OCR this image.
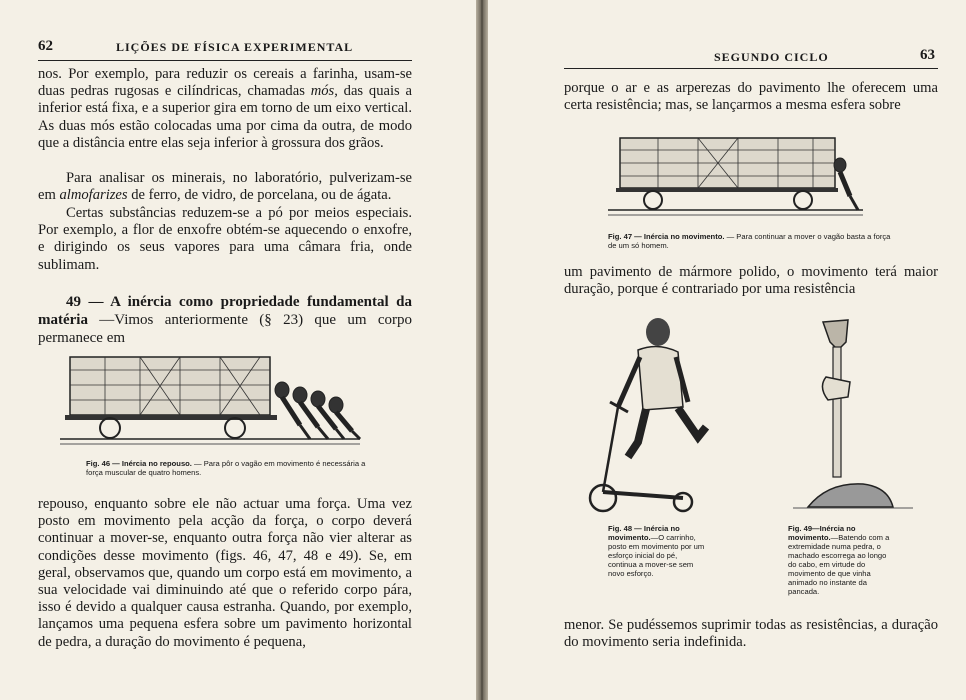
62	LIÇÕES DE FÍSICA EXPERIMENTAL

nos. Por exemplo, para reduzir os cereais a farinha, usam-se duas pedras rugosas e cilíndricas, chamadas mós, das quais a inferior está fixa, e a superior gira em torno de um eixo vertical. As duas mós estão colocadas uma por cima da outra, de modo que a distância entre elas seja inferior à grossura dos grãos.

Para analisar os minerais, no laboratório, pulverizam-se em almofarizes de ferro, de vidro, de porcelana, ou de ágata.

Certas substâncias reduzem-se a pó por meios especiais. Por exemplo, a flor de enxofre obtém-se aquecendo o enxofre, e dirigindo os seus vapores para uma câmara fria, onde sublimam.

49 — A inércia como propriedade fundamental da matéria —Vimos anteriormente (§ 23) que um corpo permanece em

Fig. 46 — Inércia no repouso. — Para pôr o vagão em movimento é necessária a força muscular de quatro homens.

repouso, enquanto sobre ele não actuar uma força. Uma vez posto em movimento pela acção da força, o corpo deverá continuar a mover-se, enquanto outra força não vier alterar as condições desse movimento (figs. 46, 47, 48 e 49). Se, em geral, observamos que, quando um corpo está em movimento, a sua velocidade vai diminuindo até que o referido corpo pára, isso é devido a qualquer causa estranha. Quando, por exemplo, lançamos uma pequena esfera sobre um pavimento horizontal de pedra, a duração do movimento é pequena,

SEGUNDO CICLO	63

porque o ar e as arperezas do pavimento lhe oferecem uma certa resistência; mas, se lançarmos a mesma esfera sobre

Fig. 47 — Inércia no movimento. — Para continuar a mover o vagão basta a força de um só homem.

um pavimento de mármore polido, o movimento terá maior duração, porque é contrariado por uma resistência

Fig. 48 — Inércia no movimento.—O carrinho, posto em movimento por um esforço inicial do pé, continua a mover-se sem novo esforço.
Fig. 49—Inércia no movimento.—Batendo com a extremidade numa pedra, o machado escorrega ao longo do cabo, em virtude do movimento de que vinha animado no instante da pancada.

menor. Se pudéssemos suprimir todas as resistências, a duração do movimento seria indefinida.
